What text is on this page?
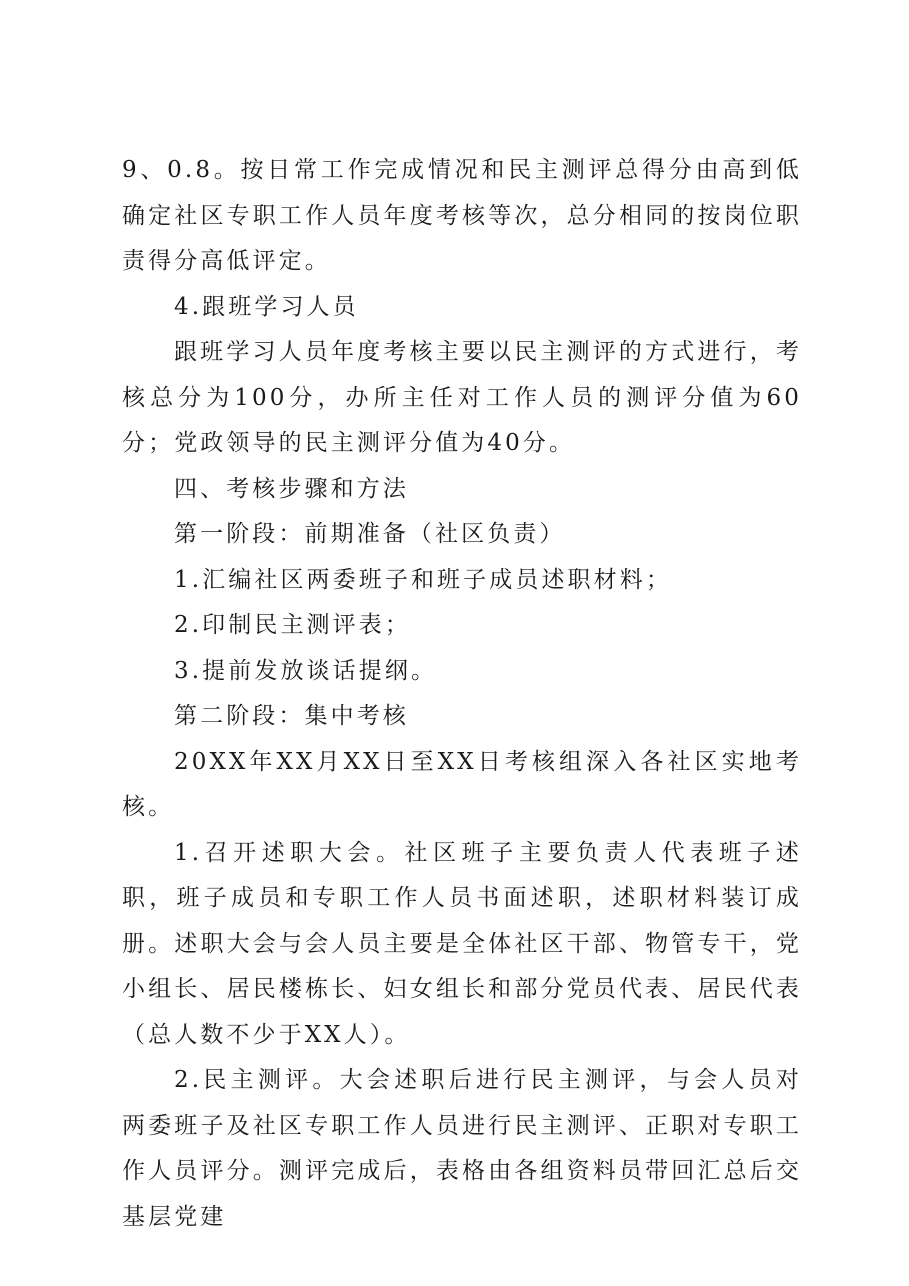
9、0.8。按日常工作完成情况和民主测评总得分由高到低确定社区专职工作人员年度考核等次，总分相同的按岗位职责得分高低评定。

4.跟班学习人员

跟班学习人员年度考核主要以民主测评的方式进行，考核总分为100分，办所主任对工作人员的测评分值为60分；党政领导的民主测评分值为40分。

四、考核步骤和方法

第一阶段：前期准备（社区负责）

1.汇编社区两委班子和班子成员述职材料；

2.印制民主测评表；

3.提前发放谈话提纲。

第二阶段：集中考核

20XX年XX月XX日至XX日考核组深入各社区实地考核。

1.召开述职大会。社区班子主要负责人代表班子述职，班子成员和专职工作人员书面述职，述职材料装订成册。述职大会与会人员主要是全体社区干部、物管专干，党小组长、居民楼栋长、妇女组长和部分党员代表、居民代表（总人数不少于XX人）。

2.民主测评。大会述职后进行民主测评，与会人员对两委班子及社区专职工作人员进行民主测评、正职对专职工作人员评分。测评完成后，表格由各组资料员带回汇总后交基层党建
